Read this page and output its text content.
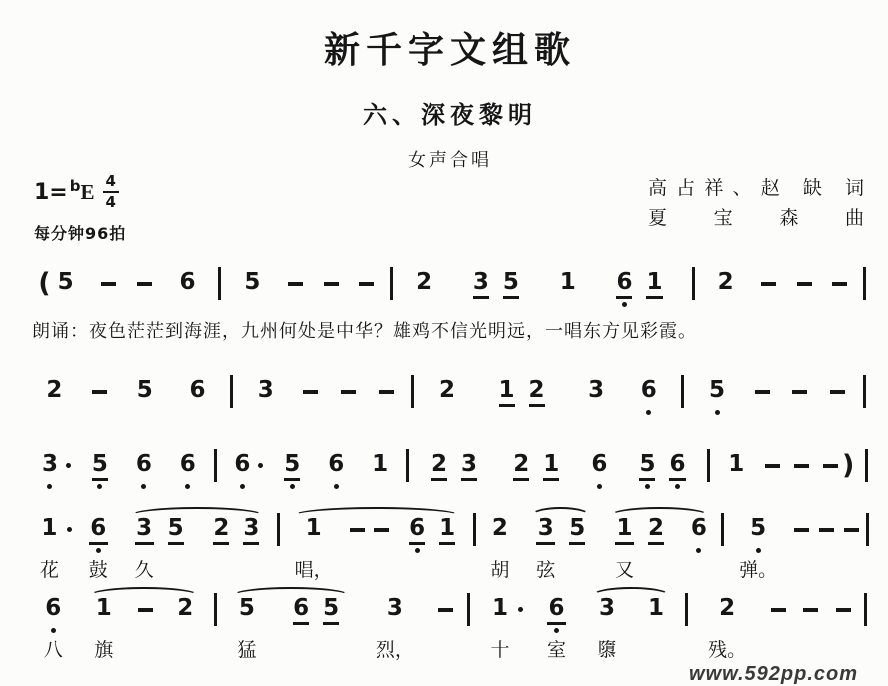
新千字文组歌
六、深夜黎明
女声合唱
1= b E $\frac{4}{4}$
每分钟96拍
高占祥、赵 缺 词
夏 宝 森 曲
( 5	6 5	2 3 5 1 6 1 2
朗诵：夜色茫茫到海涯，九州何处是中华？雄鸡不信光明远，一唱东方见彩霞。
2	5 6 3	2 1 2 3 6 5
3 5 6 6 6 5 6 1 2 3 2 1 6 5 6 1	)
1
花
6
鼓
3
久
5 2 3 1
唱，
6 1 2
胡
3
弦
5 1
又
2 6 5
弹。
6
八
1
旗
2 5
猛
6 5 3
烈，
1
十
6
室
3
隳
1 2
残。
www.592pp.com
